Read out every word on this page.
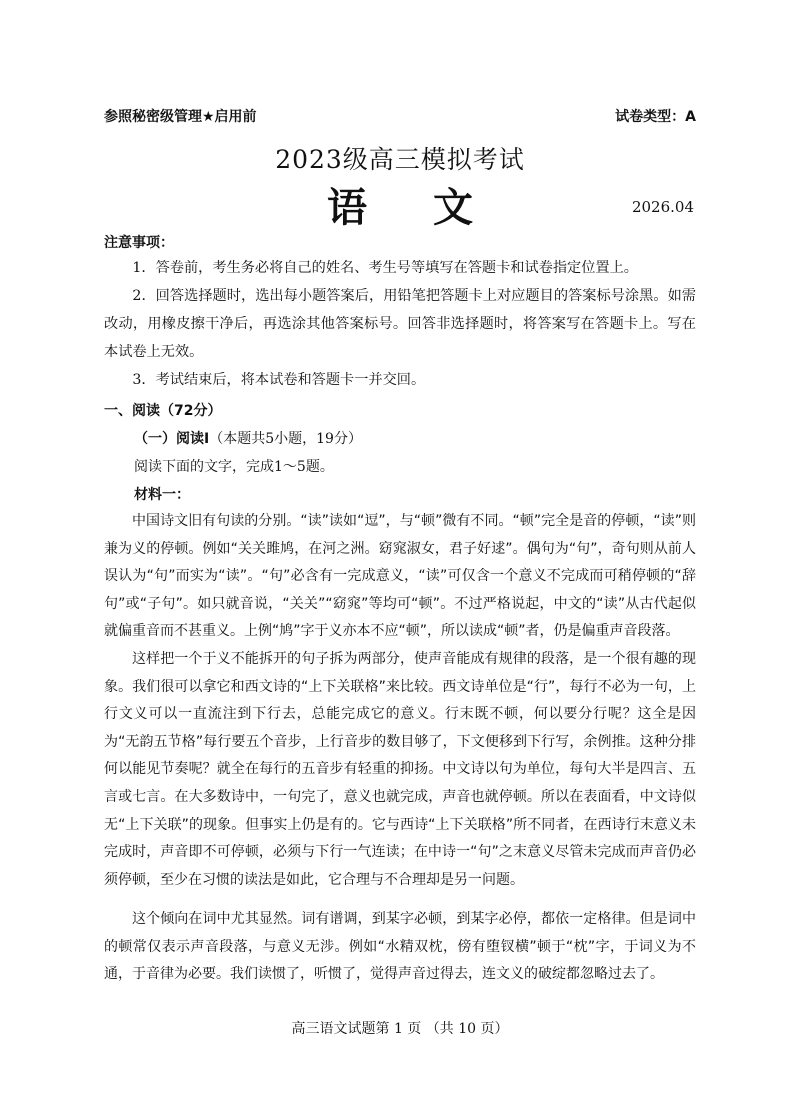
参照秘密级管理★启用前	试卷类型：A
2023级高三模拟考试
语 文	2026.04
注意事项：
1．答卷前，考生务必将自己的姓名、考生号等填写在答题卡和试卷指定位置上。
2．回答选择题时，选出每小题答案后，用铅笔把答题卡上对应题目的答案标号涂黑。如需改动，用橡皮擦干净后，再选涂其他答案标号。回答非选择题时，将答案写在答题卡上。写在本试卷上无效。
3．考试结束后，将本试卷和答题卡一并交回。
一、阅读（72分）
（一）阅读Ⅰ（本题共5小题，19分）
阅读下面的文字，完成1～5题。
材料一：
中国诗文旧有句读的分别。“读”读如“逗”，与“顿”微有不同。“顿”完全是音的停顿，“读”则兼为义的停顿。例如“关关雎鸠，在河之洲。窈窕淑女，君子好逑”。偶句为“句”，奇句则从前人误认为“句”而实为“读”。“句”必含有一完成意义，“读”可仅含一个意义不完成而可稍停顿的“辞句”或“子句”。如只就音说，“关关”“窈窕”等均可“顿”。不过严格说起，中文的“读”从古代起似就偏重音而不甚重义。上例“鸠”字于义亦本不应“顿”，所以读成“顿”者，仍是偏重声音段落。
这样把一个于义不能拆开的句子拆为两部分，使声音能成有规律的段落，是一个很有趣的现象。我们很可以拿它和西文诗的“上下关联格”来比较。西文诗单位是“行”，每行不必为一句，上行文义可以一直流注到下行去，总能完成它的意义。行末既不顿，何以要分行呢？这全是因为“无韵五节格”每行要五个音步，上行音步的数目够了，下文便移到下行写，余例推。这种分排何以能见节奏呢？就全在每行的五音步有轻重的抑扬。中文诗以句为单位，每句大半是四言、五言或七言。在大多数诗中，一句完了，意义也就完成，声音也就停顿。所以在表面看，中文诗似无“上下关联”的现象。但事实上仍是有的。它与西诗“上下关联格”所不同者，在西诗行末意义未完成时，声音即不可停顿，必须与下行一气连读；在中诗一“句”之末意义尽管未完成而声音仍必须停顿，至少在习惯的读法是如此，它合理与不合理却是另一问题。
这个倾向在词中尤其显然。词有谱调，到某字必顿，到某字必停，都依一定格律。但是词中的顿常仅表示声音段落，与意义无涉。例如“水精双枕，傍有堕钗横”顿于“枕”字，于词义为不通，于音律为必要。我们读惯了，听惯了，觉得声音过得去，连文义的破绽都忽略过去了。
高三语文试题第 1 页 （共 10 页）
